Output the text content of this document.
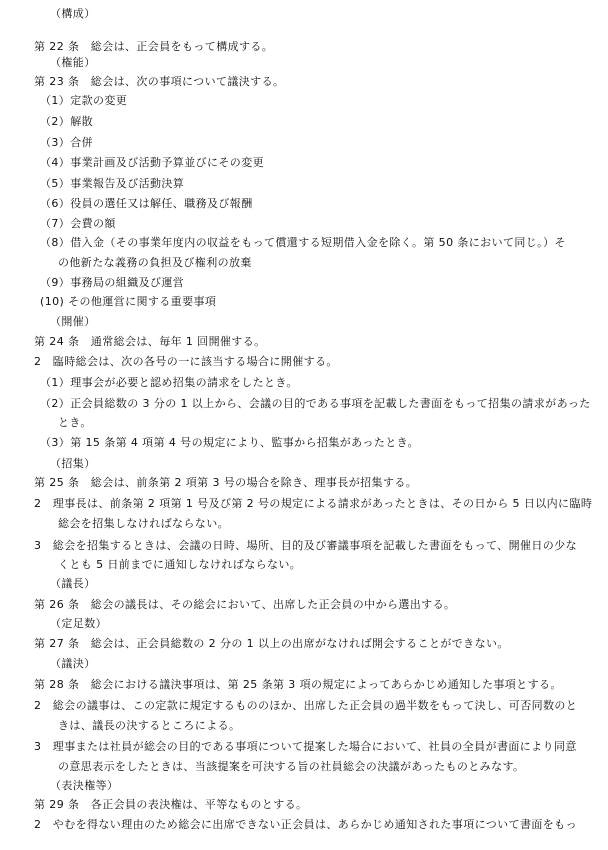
（構成）
第 22 条　総会は、正会員をもって構成する。
（権能）
第 23 条　総会は、次の事項について議決する。
（1）定款の変更
（2）解散
（3）合併
（4）事業計画及び活動予算並びにその変更
（5）事業報告及び活動決算
（6）役員の選任又は解任、職務及び報酬
（7）会費の額
（8）借入金（その事業年度内の収益をもって償還する短期借入金を除く。第 50 条において同じ。）そ
の他新たな義務の負担及び権利の放棄
（9）事務局の組織及び運営
(10) その他運営に関する重要事項
（開催）
第 24 条　通常総会は、毎年 1 回開催する。
2　臨時総会は、次の各号の一に該当する場合に開催する。
（1）理事会が必要と認め招集の請求をしたとき。
（2）正会員総数の 3 分の 1 以上から、会議の目的である事項を記載した書面をもって招集の請求があった
とき。
（3）第 15 条第 4 項第 4 号の規定により、監事から招集があったとき。
（招集）
第 25 条　総会は、前条第 2 項第 3 号の場合を除き、理事長が招集する。
2　理事長は、前条第 2 項第 1 号及び第 2 号の規定による請求があったときは、その日から 5 日以内に臨時
総会を招集しなければならない。
3　総会を招集するときは、会議の日時、場所、目的及び審議事項を記載した書面をもって、開催日の少な
くとも 5 日前までに通知しなければならない。
（議長）
第 26 条　総会の議長は、その総会において、出席した正会員の中から選出する。
（定足数）
第 27 条　総会は、正会員総数の 2 分の 1 以上の出席がなければ開会することができない。
（議決）
第 28 条　総会における議決事項は、第 25 条第 3 項の規定によってあらかじめ通知した事項とする。
2　総会の議事は、この定款に規定するもののほか、出席した正会員の過半数をもって決し、可否同数のと
きは、議長の決するところによる。
3　理事または社員が総会の目的である事項について提案した場合において、社員の全員が書面により同意
の意思表示をしたときは、当該提案を可決する旨の社員総会の決議があったものとみなす。
（表決権等）
第 29 条　各正会員の表決権は、平等なものとする。
2　やむを得ない理由のため総会に出席できない正会員は、あらかじめ通知された事項について書面をもっ
